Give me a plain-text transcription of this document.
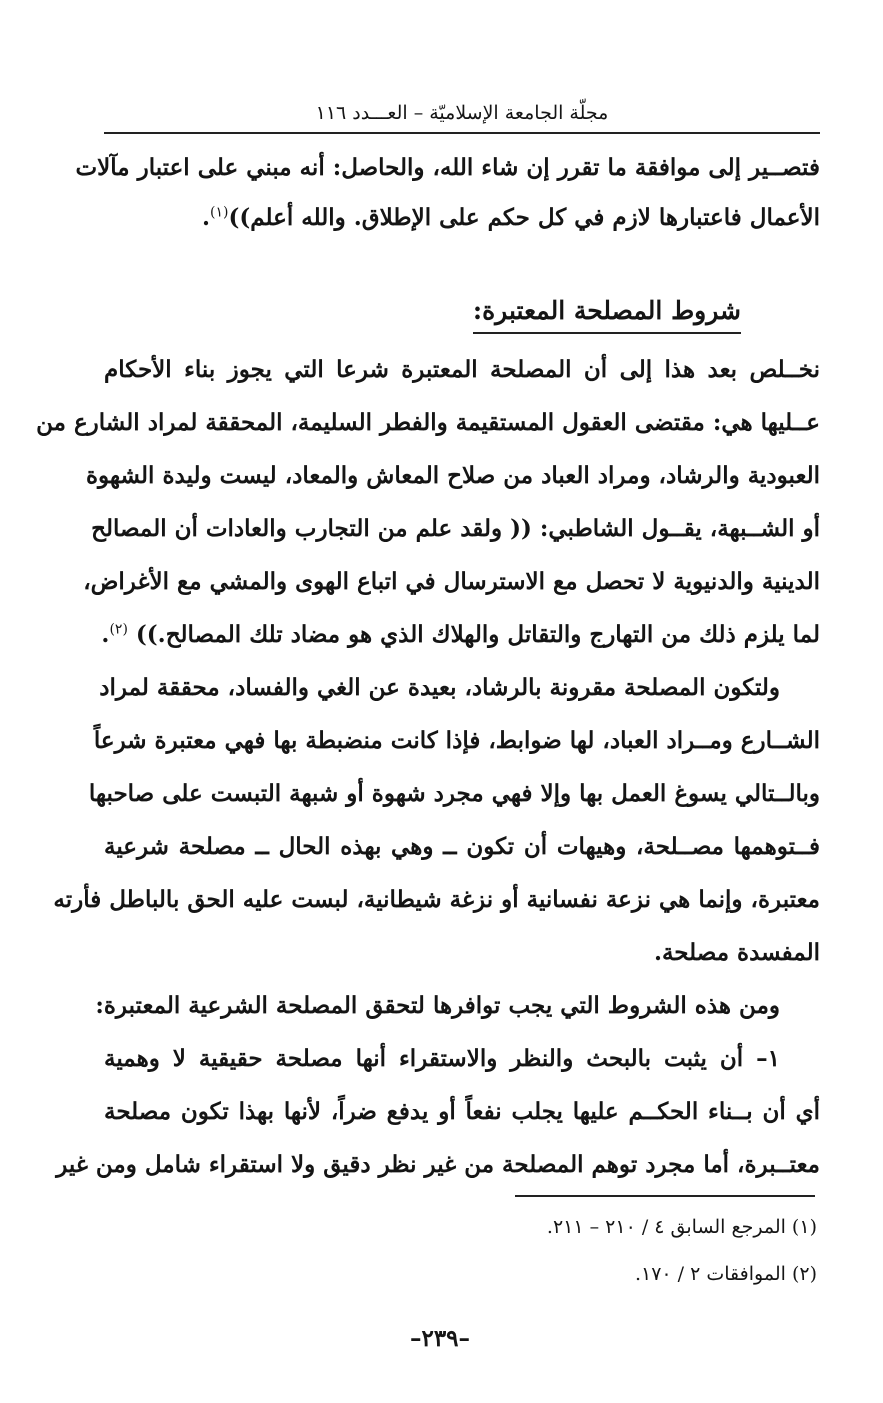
مجلّة الجامعة الإسلاميّة – العـــدد ١١٦
فتصــير إلى موافقة ما تقرر إن شاء الله، والحاصل: أنه مبني على اعتبار مآلات
الأعمال فاعتبارها لازم في كل حكم على الإطلاق. والله أعلم))$^{(١)}$.
شروط المصلحة المعتبرة:
نخــلص بعد هذا إلى أن المصلحة المعتبرة شرعا التي يجوز بناء الأحكام
عــليها هي: مقتضى العقول المستقيمة والفطر السليمة، المحققة لمراد الشارع من
العبودية والرشاد، ومراد العباد من صلاح المعاش والمعاد، ليست وليدة الشهوة
أو الشــبهة، يقــول الشاطبي: (( ولقد علم من التجارب والعادات أن المصالح
الدينية والدنيوية لا تحصل مع الاسترسال في اتباع الهوى والمشي مع الأغراض،
لما يلزم ذلك من التهارج والتقاتل والهلاك الذي هو مضاد تلك المصالح.)) $^{(٢)}$.
ولتكون المصلحة مقرونة بالرشاد، بعيدة عن الغي والفساد، محققة لمراد
الشــارع ومــراد العباد، لها ضوابط، فإذا كانت منضبطة بها فهي معتبرة شرعاً
وبالــتالي يسوغ العمل بها وإلا فهي مجرد شهوة أو شبهة التبست على صاحبها
فــتوهمها مصــلحة، وهيهات أن تكون ــ وهي بهذه الحال ــ مصلحة شرعية
معتبرة، وإنما هي نزعة نفسانية أو نزغة شيطانية، لبست عليه الحق بالباطل فأرته
المفسدة مصلحة.
ومن هذه الشروط التي يجب توافرها لتحقق المصلحة الشرعية المعتبرة:
١– أن يثبت بالبحث والنظر والاستقراء أنها مصلحة حقيقية لا وهمية
أي أن بــناء الحكــم عليها يجلب نفعاً أو يدفع ضراً، لأنها بهذا تكون مصلحة
معتــبرة، أما مجرد توهم المصلحة من غير نظر دقيق ولا استقراء شامل ومن غير
(١) المرجع السابق ٤ / ٢١٠ – ٢١١.
(٢) الموافقات ٢ / ١٧٠.
–٢٣٩–
